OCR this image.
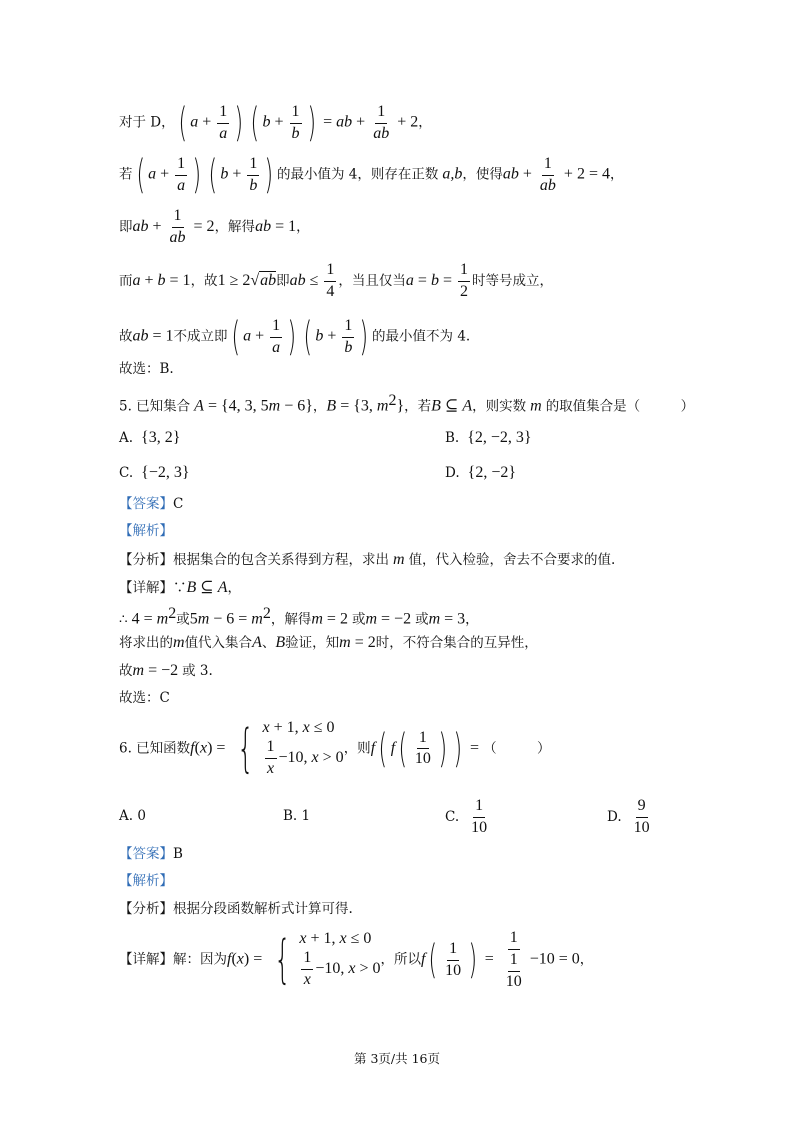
对于 D，( $a + \frac{1}{a}$ ) ( $b + \frac{1}{b}$ ) = ab + $\frac{1}{ab} + 2$，
若( $a + \frac{1}{a}$ ) ( $b + \frac{1}{b}$ ) 的最小值为 4，则存在正数 a,b，使得ab + $\frac{1}{ab} + 2 = 4$，
即ab + $\frac{1}{ab} = 2$，解得ab = 1，
而a + b = 1，故1 ≥ 2√ab即ab ≤ $\frac{1}{4}$ ，当且仅当$a = b = \frac{1}{2}$ 时等号成立，
故ab = 1不成立即( $a + \frac{1}{a}$ ) ( $b + \frac{1}{b}$ ) 的最小值不为 4.
故选：B.
5. 已知集合 A = {4, 3, 5m − 6}，B = {3, $m^2$}，若B ⊆ A，则实数 m 的取值集合是（　　　）
A.  {3, 2}	B.  {2, −2, 3}
C.  {−2, 3}	D.  {2, −2}
【答案】C
【解析】
【分析】根据集合的包含关系得到方程，求出 m 值，代入检验，舍去不合要求的值.
【详解】∵B ⊆ A，
∴ $4 = m^2$或$5m - 6 = m^2$，解得m = 2 或m = −2 或m = 3，
将求出的m值代入集合A、B验证，知m = 2时，不符合集合的互异性，
故m = −2 或 3.
故选：C
6. 已知函数f(x) = { x + 1, x ≤ 0
$\frac{1}{x} -10$, x > 0
，则f( $f( \frac{1}{10}$ ) ) = （　　　）
A. 0	B. 1	C. $\frac{1}{10}$	D. $\frac{9}{10}$
【答案】B
【解析】
【分析】根据分段函数解析式计算可得.
【详解】解：因为f(x) = { x + 1, x ≤ 0
$\frac{1}{x} -10$, x > 0
，所以$f( \frac{1}{10}$ ) = $\frac{1}{\frac{1}{10}} -10 = 0$，
第 3页/共 16页
